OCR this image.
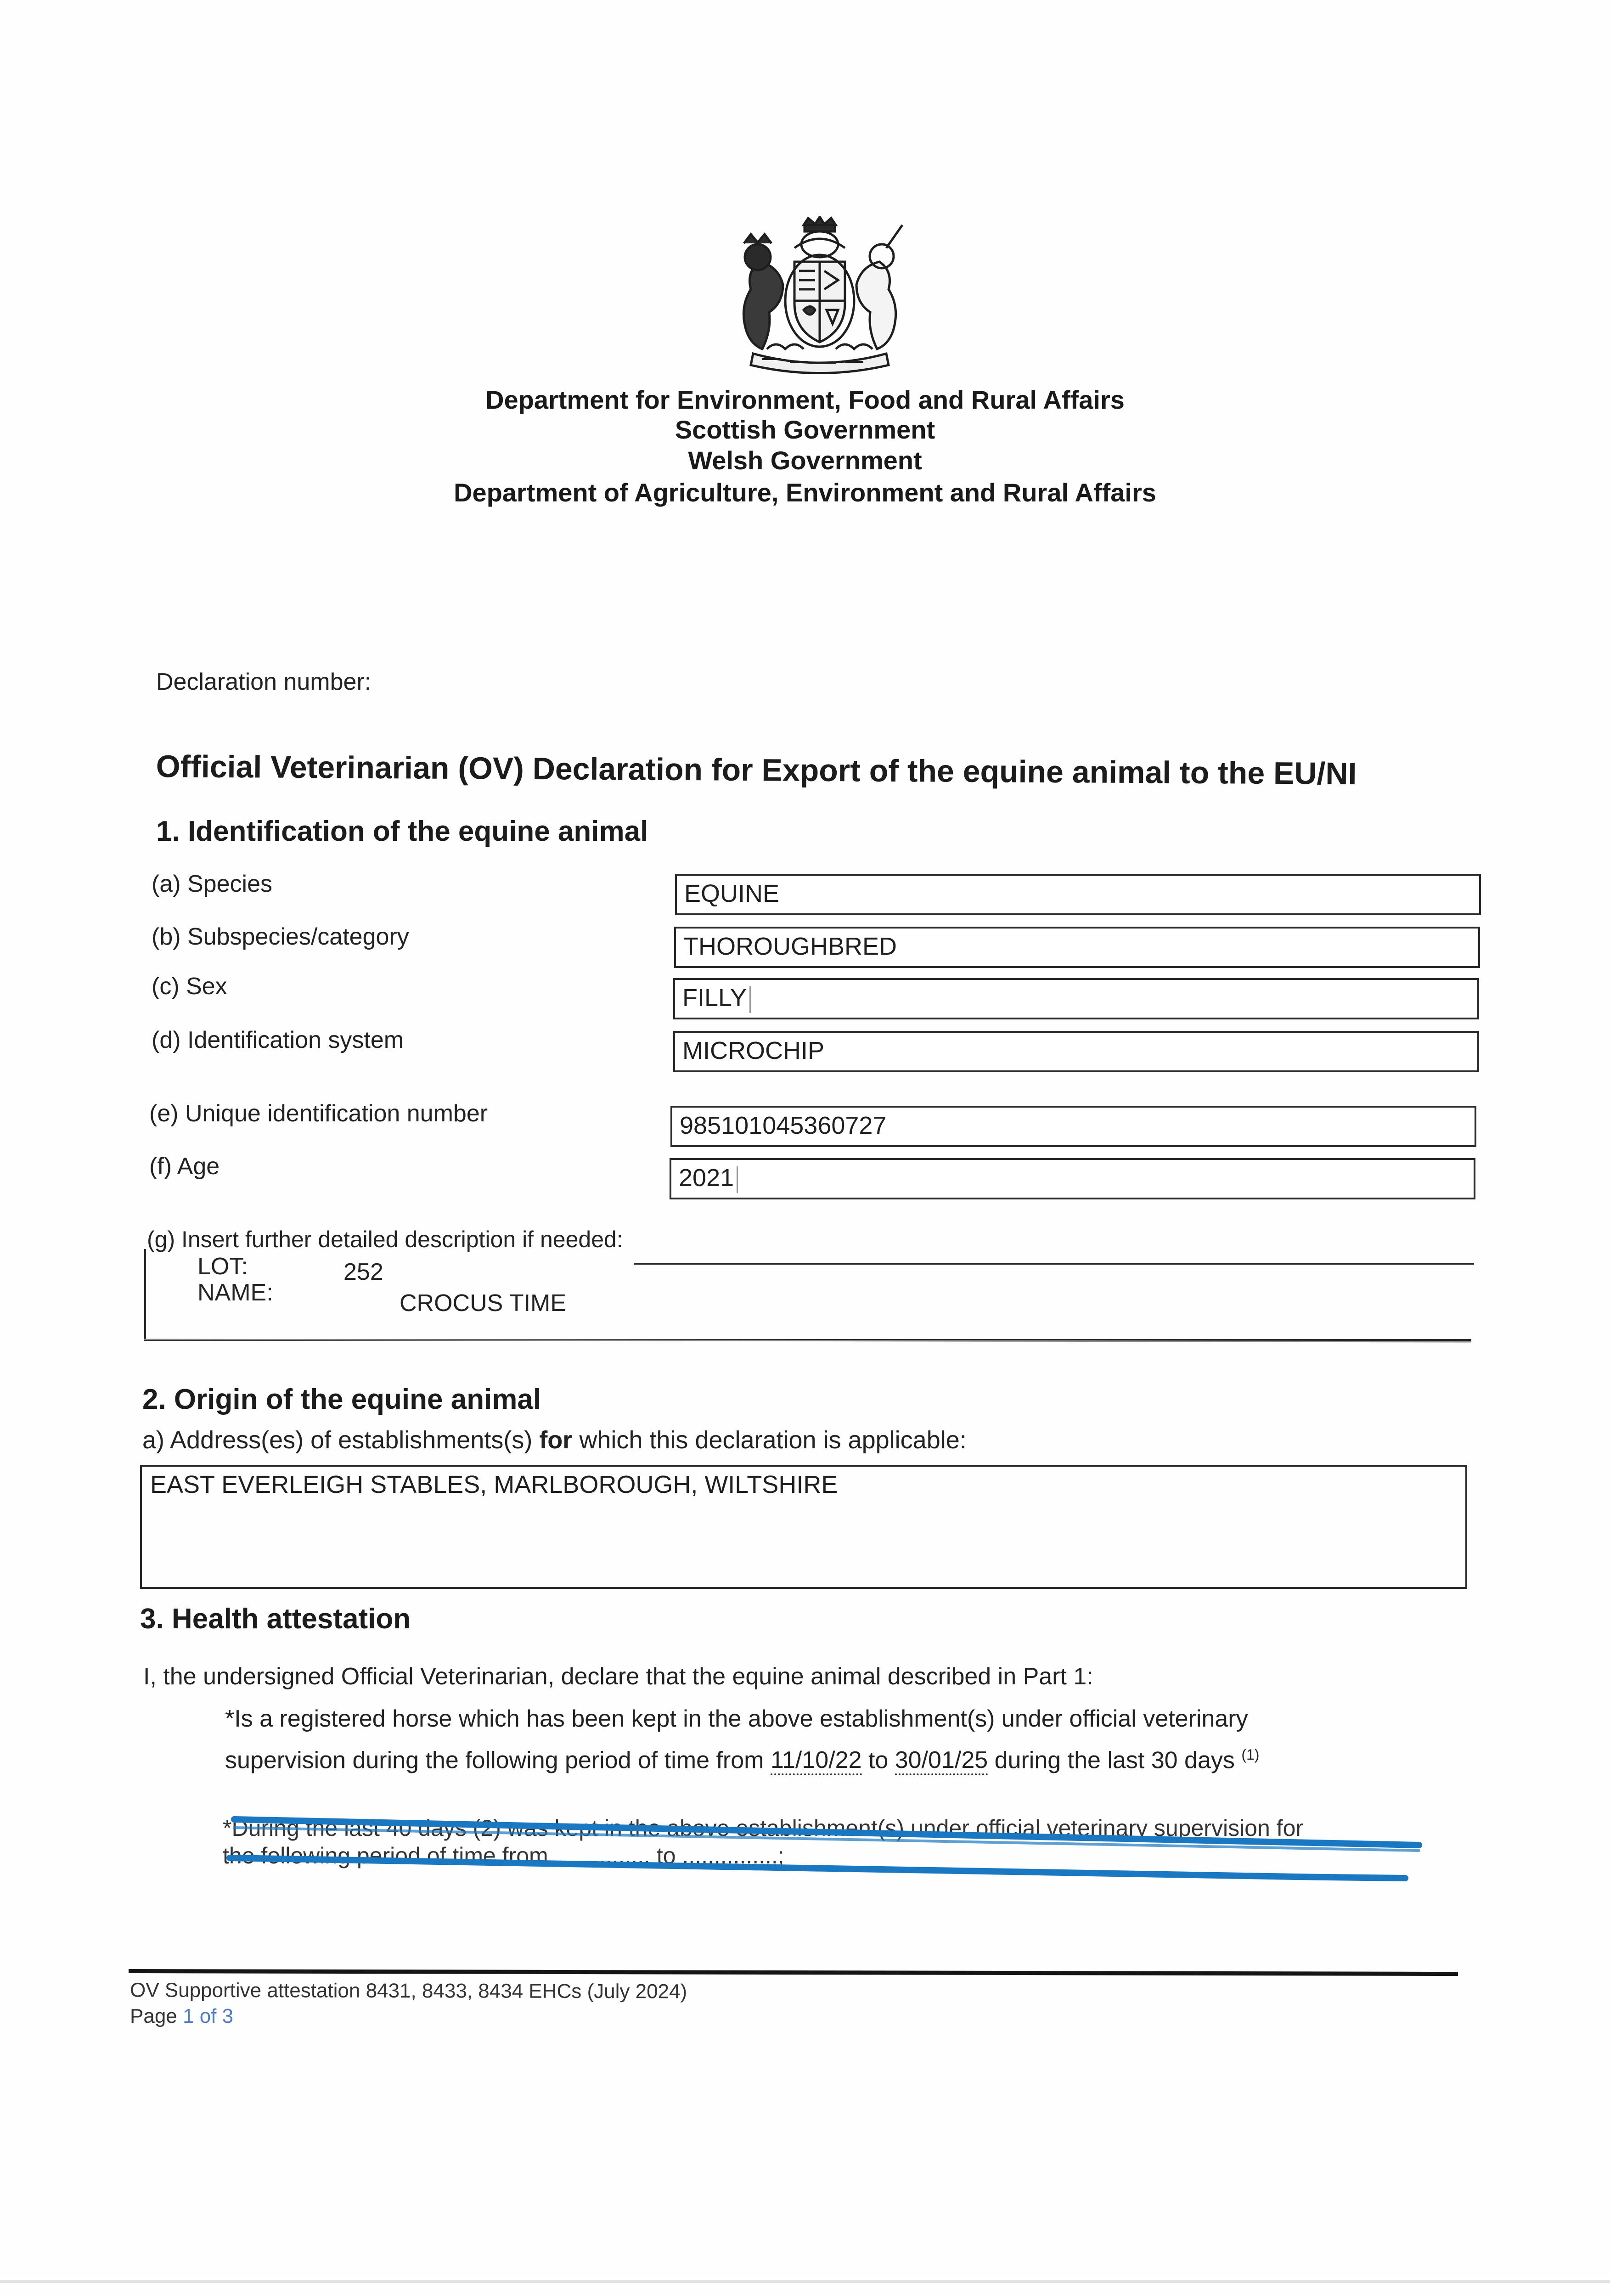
Department for Environment, Food and Rural Affairs
Scottish Government
Welsh Government
Department of Agriculture, Environment and Rural Affairs
Declaration number:
Official Veterinarian (OV) Declaration for Export of the equine animal to the EU/NI
1. Identification of the equine animal
(a) Species	EQUINE
(b) Subspecies/category	THOROUGHBRED
(c) Sex	FILLY
(d) Identification system	MICROCHIP
(e) Unique identification number	985101045360727
(f) Age	2021
(g) Insert further detailed description if needed:
LOT:	252
NAME:	CROCUS TIME
2. Origin of the equine animal
a) Address(es) of establishments(s) for which this declaration is applicable:
EAST EVERLEIGH STABLES, MARLBOROUGH, WILTSHIRE
3. Health attestation
I, the undersigned Official Veterinarian, declare that the equine animal described in Part 1:
*Is a registered horse which has been kept in the above establishment(s) under official veterinary
supervision during the following period of time from 11/10/22 to 30/01/25 during the last 30 days $^{(1)}$
*During the last 40 days (2) was kept in the above establishment(s) under official veterinary supervision for
the following period of time from ............... to ...............;
OV Supportive attestation 8431, 8433, 8434 EHCs (July 2024)
Page 1 of 3
